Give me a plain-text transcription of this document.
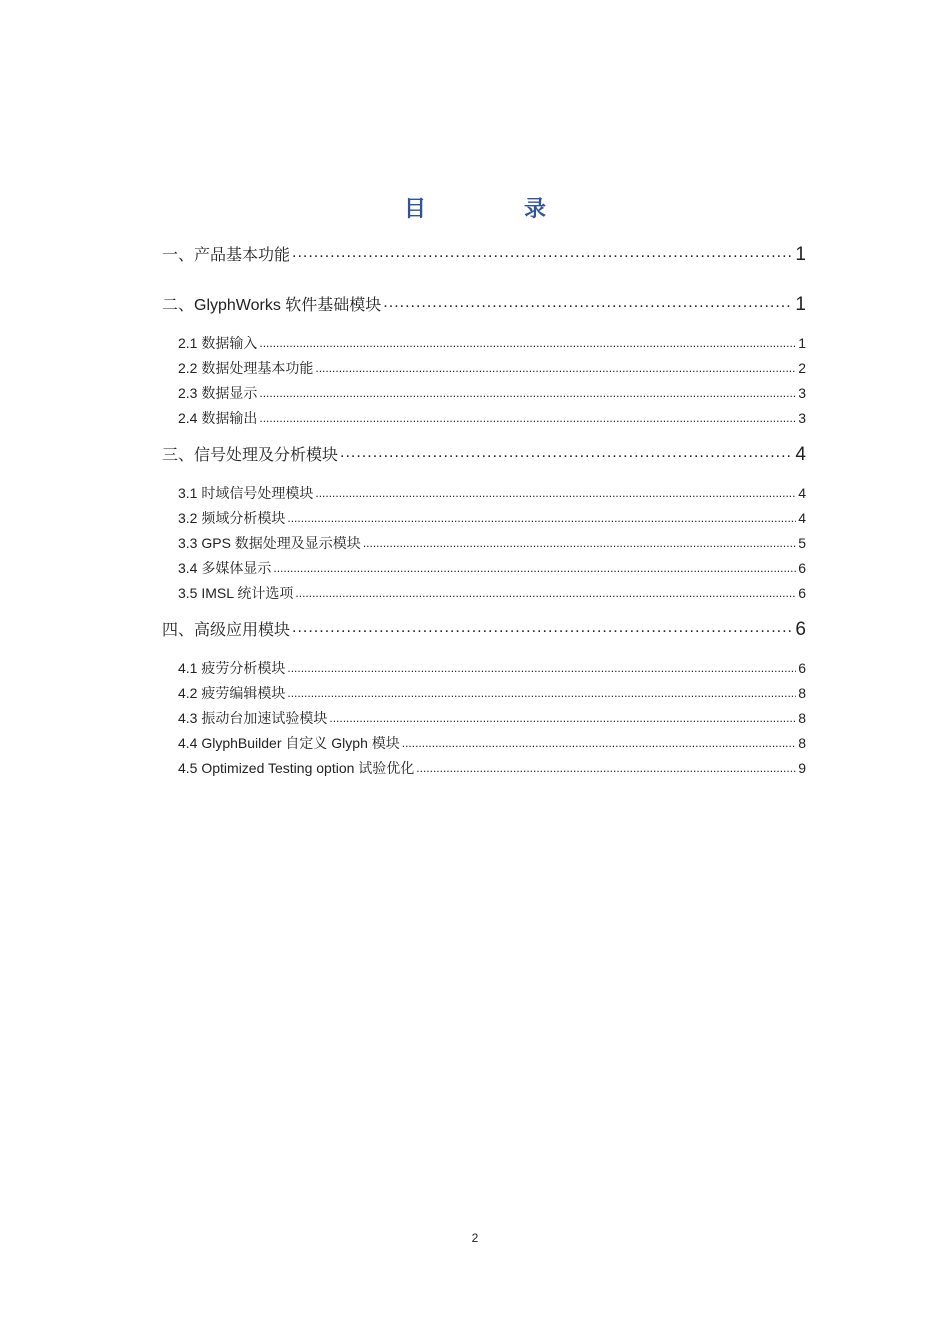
目　录
一、产品基本功能 .....	1
二、GlyphWorks 软件基础模块 .....	1
2.1 数据输入 .....	1
2.2 数据处理基本功能 .....	2
2.3 数据显示 .....	3
2.4 数据输出 .....	3
三、信号处理及分析模块 .....	4
3.1 时域信号处理模块 .....	4
3.2 频域分析模块 .....	4
3.3 GPS 数据处理及显示模块 .....	5
3.4 多媒体显示 .....	6
3.5 IMSL 统计选项 .....	6
四、高级应用模块 .....	6
4.1 疲劳分析模块 .....	6
4.2 疲劳编辑模块 .....	8
4.3 振动台加速试验模块 .....	8
4.4 GlyphBuilder 自定义 Glyph 模块 .....	8
4.5 Optimized Testing option 试验优化 .....	9
2
